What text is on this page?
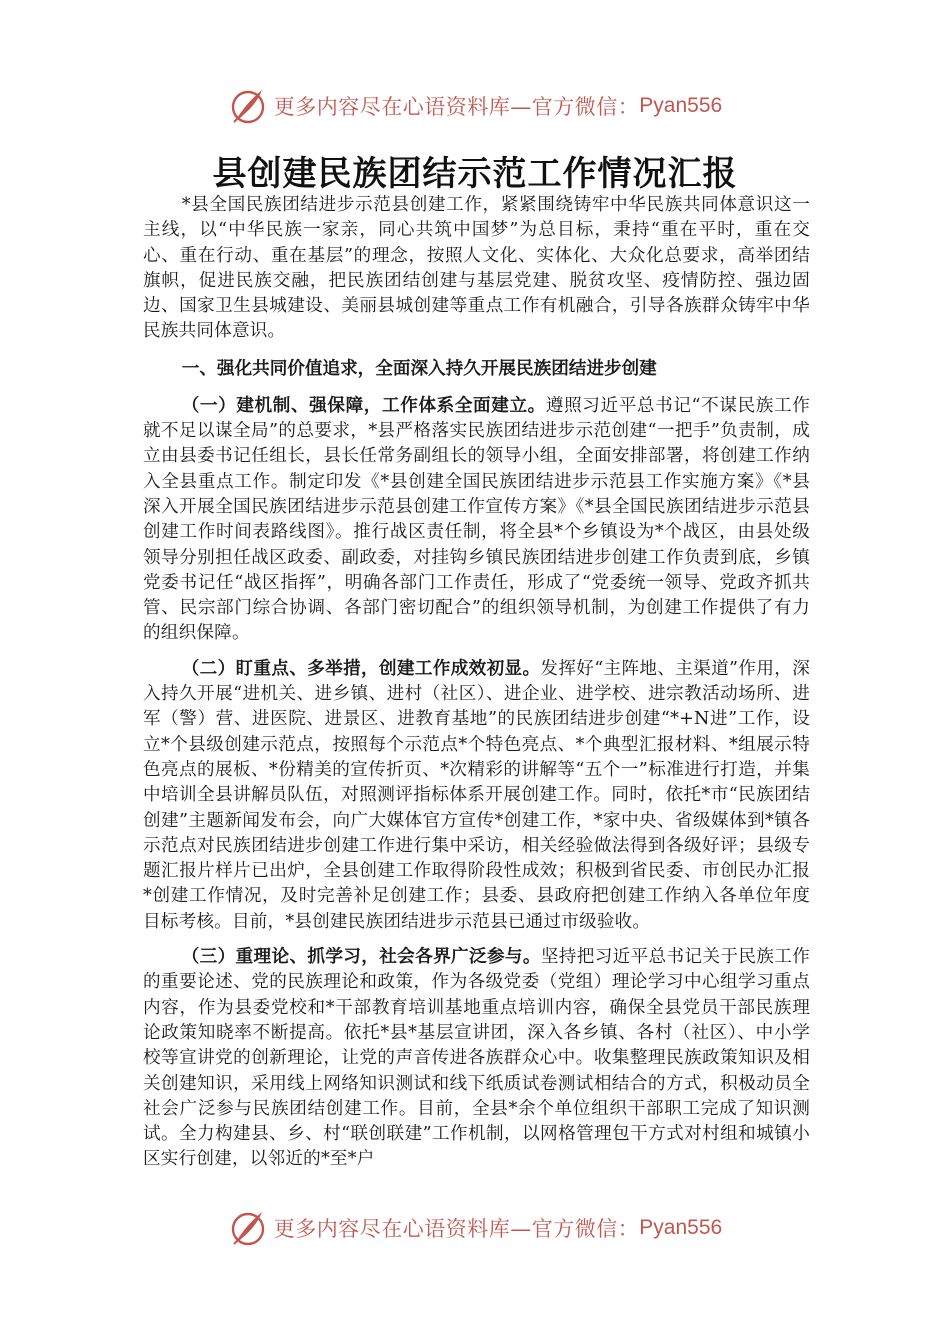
更多内容尽在心语资料库—官方微信： Pyan556
县创建民族团结示范工作情况汇报

*县全国民族团结进步示范县创建工作，紧紧围绕铸牢中华民族共同体意识这一主线，以“中华民族一家亲，同心共筑中国梦”为总目标，秉持“重在平时，重在交心、重在行动、重在基层”的理念，按照人文化、实体化、大众化总要求，高举团结旗帜，促进民族交融，把民族团结创建与基层党建、脱贫攻坚、疫情防控、强边固边、国家卫生县城建设、美丽县城创建等重点工作有机融合，引导各族群众铸牢中华民族共同体意识。

一、强化共同价值追求，全面深入持久开展民族团结进步创建

（一）建机制、强保障，工作体系全面建立。遵照习近平总书记“不谋民族工作就不足以谋全局”的总要求，*县严格落实民族团结进步示范创建“一把手”负责制，成立由县委书记任组长，县长任常务副组长的领导小组，全面安排部署，将创建工作纳入全县重点工作。制定印发《*县创建全国民族团结进步示范县工作实施方案》《*县深入开展全国民族团结进步示范县创建工作宣传方案》《*县全国民族团结进步示范县创建工作时间表路线图》。推行战区责任制，将全县*个乡镇设为*个战区，由县处级领导分别担任战区政委、副政委，对挂钩乡镇民族团结进步创建工作负责到底，乡镇党委书记任“战区指挥”，明确各部门工作责任，形成了“党委统一领导、党政齐抓共管、民宗部门综合协调、各部门密切配合”的组织领导机制，为创建工作提供了有力的组织保障。

（二）盯重点、多举措，创建工作成效初显。发挥好“主阵地、主渠道”作用，深入持久开展“进机关、进乡镇、进村（社区）、进企业、进学校、进宗教活动场所、进军（警）营、进医院、进景区、进教育基地”的民族团结进步创建“*+N进”工作，设立*个县级创建示范点，按照每个示范点*个特色亮点、*个典型汇报材料、*组展示特色亮点的展板、*份精美的宣传折页、*次精彩的讲解等“五个一”标准进行打造，并集中培训全县讲解员队伍，对照测评指标体系开展创建工作。同时，依托*市“民族团结创建”主题新闻发布会，向广大媒体官方宣传*创建工作，*家中央、省级媒体到*镇各示范点对民族团结进步创建工作进行集中采访，相关经验做法得到各级好评；县级专题汇报片样片已出炉，全县创建工作取得阶段性成效；积极到省民委、市创民办汇报*创建工作情况，及时完善补足创建工作；县委、县政府把创建工作纳入各单位年度目标考核。目前，*县创建民族团结进步示范县已通过市级验收。

（三）重理论、抓学习，社会各界广泛参与。坚持把习近平总书记关于民族工作的重要论述、党的民族理论和政策，作为各级党委（党组）理论学习中心组学习重点内容，作为县委党校和*干部教育培训基地重点培训内容，确保全县党员干部民族理论政策知晓率不断提高。依托*县*基层宣讲团，深入各乡镇、各村（社区）、中小学校等宣讲党的创新理论，让党的声音传进各族群众心中。收集整理民族政策知识及相关创建知识，采用线上网络知识测试和线下纸质试卷测试相结合的方式，积极动员全社会广泛参与民族团结创建工作。目前，全县*余个单位组织干部职工完成了知识测试。全力构建县、乡、村“联创联建”工作机制，以网格管理包干方式对村组和城镇小区实行创建，以邻近的*至*户

更多内容尽在心语资料库—官方微信： Pyan556
